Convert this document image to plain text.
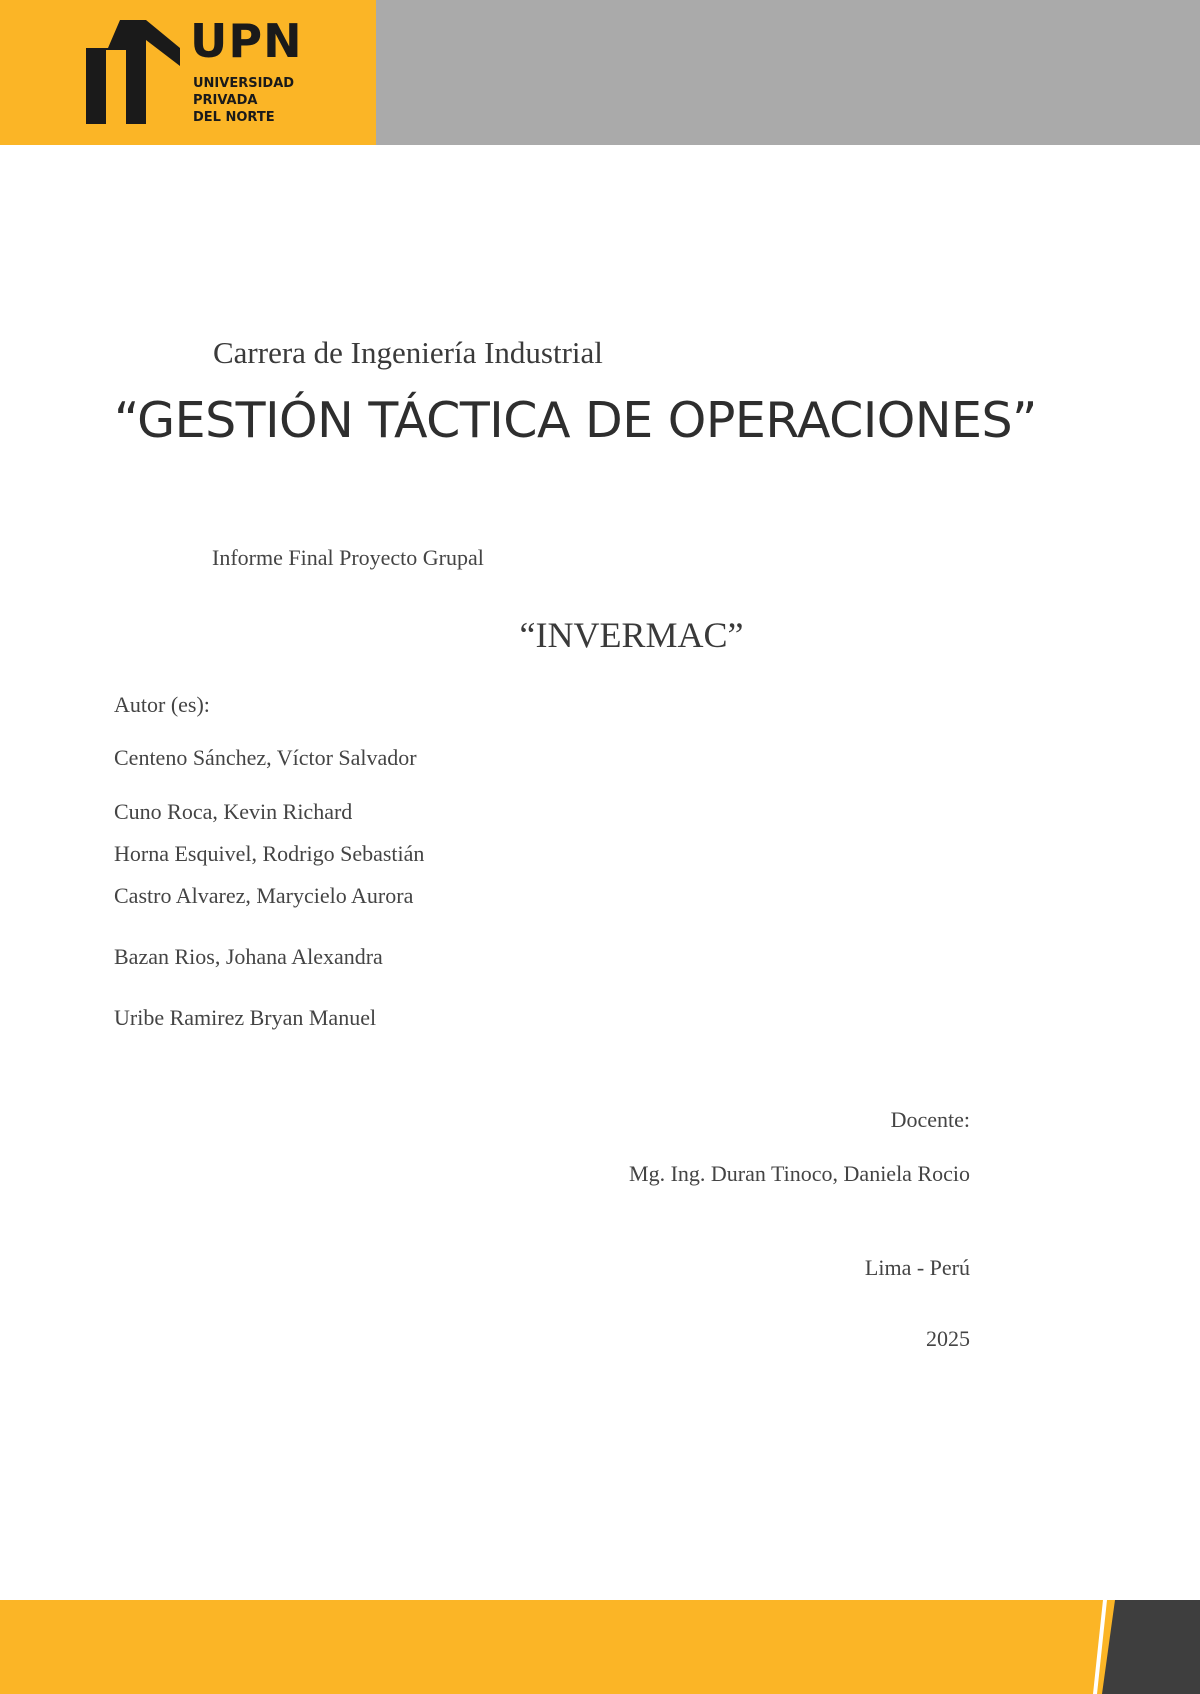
UPN
UNIVERSIDAD
PRIVADA
DEL NORTE
Carrera de Ingeniería Industrial
“GESTIÓN TÁCTICA DE OPERACIONES”
Informe Final Proyecto Grupal
“INVERMAC”
Autor (es):
Centeno Sánchez, Víctor Salvador
Cuno Roca, Kevin Richard
Horna Esquivel, Rodrigo Sebastián
Castro Alvarez, Marycielo Aurora
Bazan Rios, Johana Alexandra
Uribe Ramirez Bryan Manuel
Docente:
Mg. Ing. Duran Tinoco, Daniela Rocio
Lima - Perú
2025
